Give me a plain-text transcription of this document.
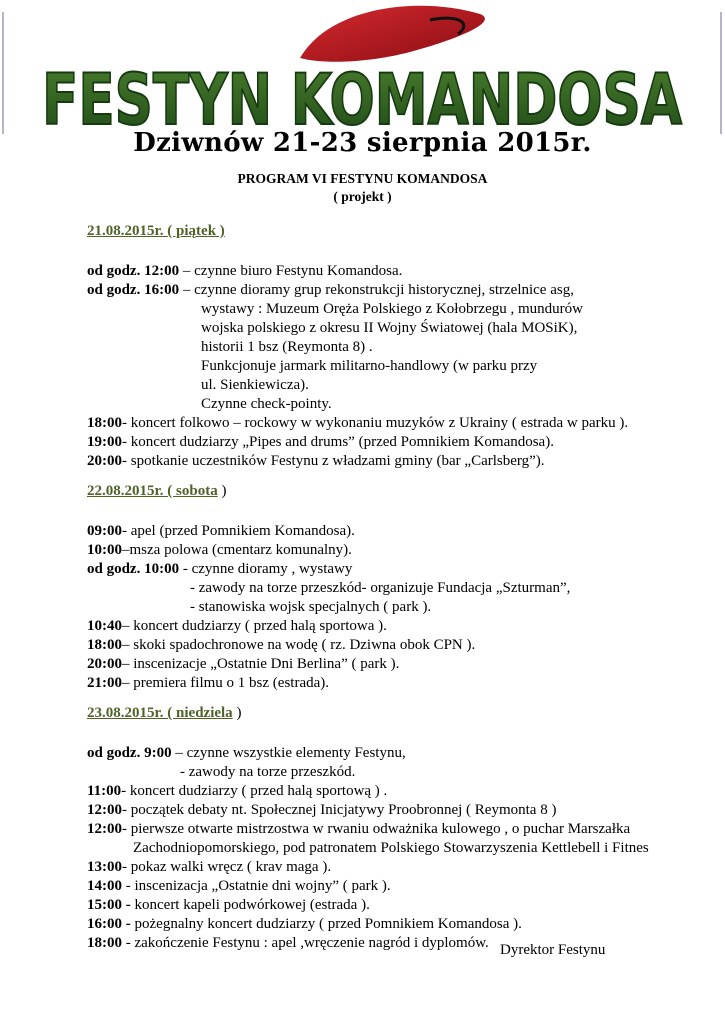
FESTYN KOMANDOSA
Dziwnów 21-23 sierpnia 2015r.
PROGRAM VI FESTYNU KOMANDOSA
( projekt )
21.08.2015r. ( piątek )
22.08.2015r. ( sobota )
23.08.2015r. ( niedziela )
od godz. 12:00 – czynne biuro Festynu Komandosa.
od godz. 16:00 – czynne dioramy grup rekonstrukcji historycznej, strzelnice asg,
wystawy : Muzeum Oręża Polskiego z Kołobrzegu , mundurów
wojska polskiego z okresu II Wojny Światowej (hala MOSiK),
historii 1 bsz (Reymonta 8) .
Funkcjonuje jarmark militarno-handlowy (w parku przy
ul. Sienkiewicza).
Czynne check-pointy.
18:00- koncert folkowo – rockowy w wykonaniu muzyków z Ukrainy ( estrada w parku ).
19:00- koncert dudziarzy „Pipes and drums” (przed Pomnikiem Komandosa).
20:00- spotkanie uczestników Festynu z władzami gminy (bar „Carlsberg”).
09:00- apel (przed Pomnikiem Komandosa).
10:00–msza polowa (cmentarz komunalny).
od godz. 10:00 - czynne dioramy , wystawy
- zawody na torze przeszkód- organizuje Fundacja „Szturman”,
- stanowiska wojsk specjalnych ( park ).
10:40– koncert dudziarzy ( przed halą sportowa ).
18:00– skoki spadochronowe na wodę ( rz. Dziwna obok CPN ).
20:00– inscenizacje „Ostatnie Dni Berlina” ( park ).
21:00– premiera filmu o 1 bsz (estrada).
od godz. 9:00 – czynne wszystkie elementy Festynu,
- zawody na torze przeszkód.
11:00- koncert dudziarzy ( przed halą sportową ) .
12:00- początek debaty nt. Społecznej Inicjatywy Proobronnej ( Reymonta 8 )
12:00- pierwsze otwarte mistrzostwa w rwaniu odważnika kulowego , o puchar Marszałka
Zachodniopomorskiego, pod patronatem Polskiego Stowarzyszenia Kettlebell i Fitnes
13:00- pokaz walki wręcz ( krav maga ).
14:00 - inscenizacja „Ostatnie dni wojny” ( park ).
15:00 - koncert kapeli podwórkowej (estrada ).
16:00 - pożegnalny koncert dudziarzy ( przed Pomnikiem Komandosa ).
18:00 - zakończenie Festynu : apel ,wręczenie nagród i dyplomów. Dyrektor Festynu
